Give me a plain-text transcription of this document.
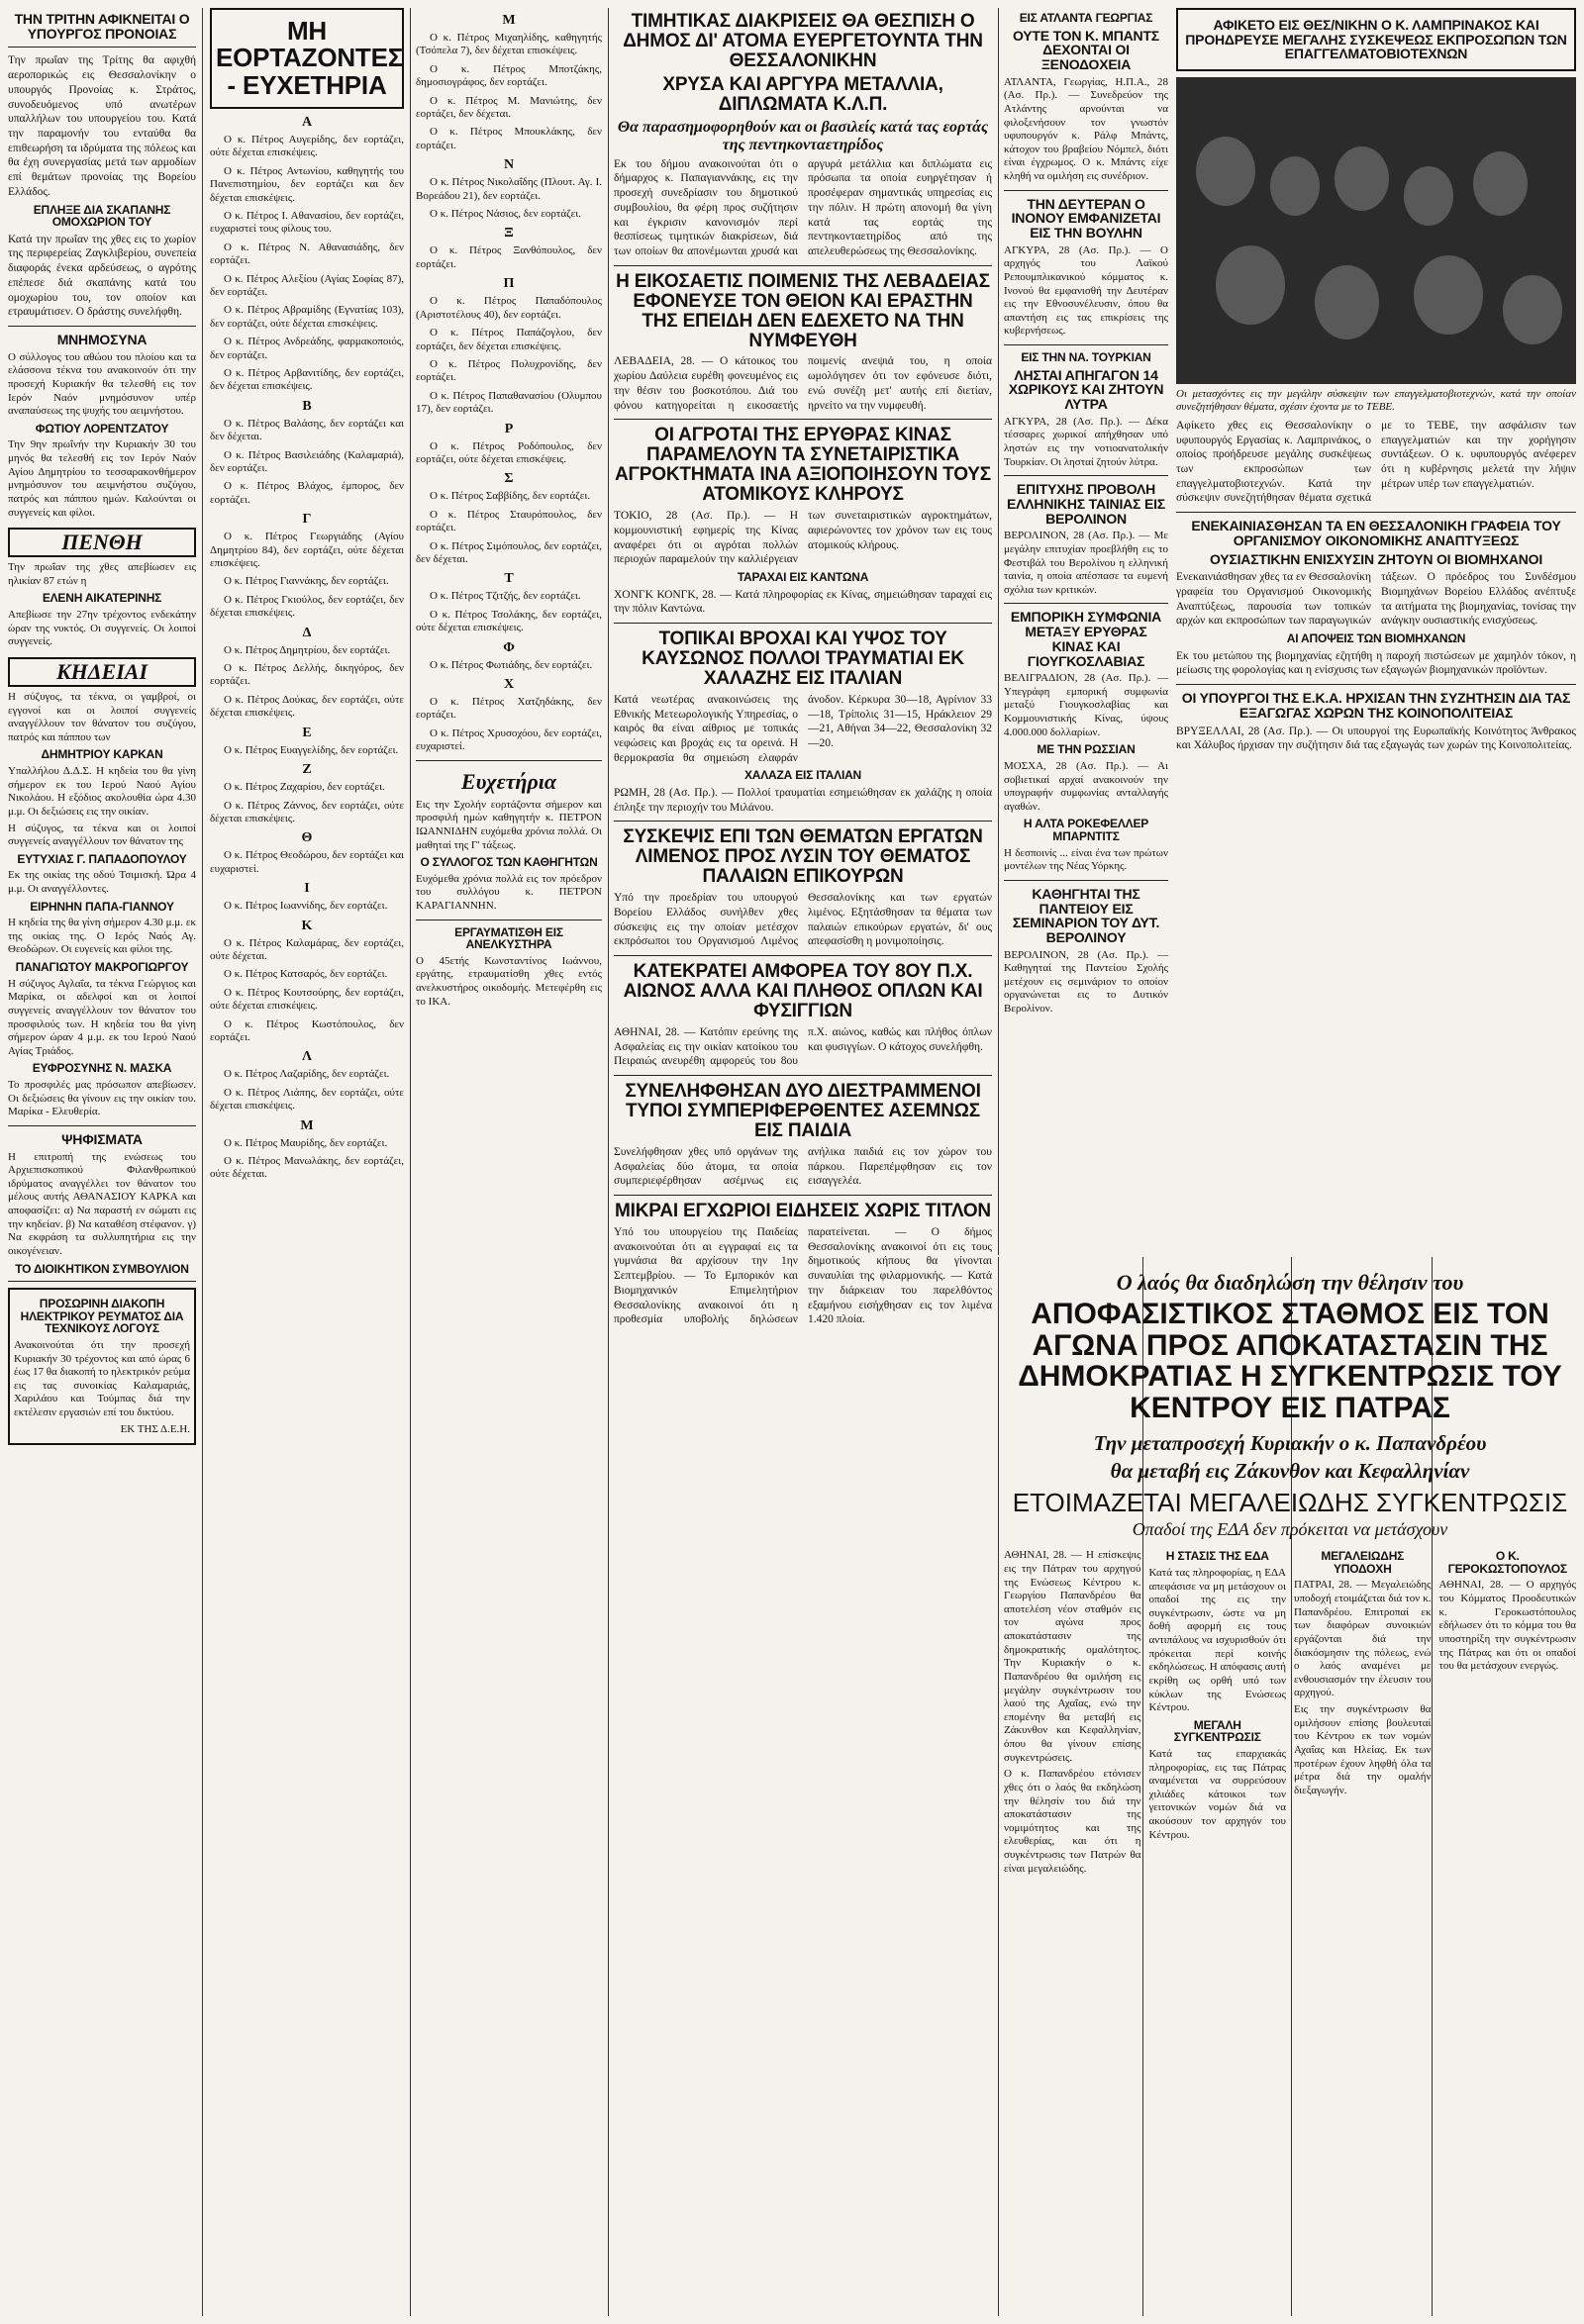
ΤΗΝ ΤΡΙΤΗΝ ΑΦΙΚΝΕΙΤΑΙ Ο ΥΠΟΥΡΓΟΣ ΠΡΟΝΟΙΑΣ
Την πρωΐαν της Τρίτης θα αφιχθή αεροπορικώς εις Θεσσαλονίκην ο υπουργός Προνοίας κ. Στράτος, συνοδευόμενος υπό ανωτέρων υπαλλήλων του υπουργείου του. Κατά την παραμονήν του ενταύθα θα επιθεωρήση τα ιδρύματα της πόλεως και θα έχη συνεργασίας μετά των αρμοδίων επί θεμάτων προνοίας της Βορείου Ελλάδος.
ΕΠΛΗΞΕ ΔΙΑ ΣΚΑΠΑΝΗΣ ΟΜΟΧΩΡΙΟΝ ΤΟΥ
Κατά την πρωΐαν της χθες εις το χωρίον της περιφερείας Ζαγκλιβερίου, συνεπεία διαφοράς ένεκα αρδεύσεως, ο αγρότης επέπεσε διά σκαπάνης κατά του ομοχωρίου του, τον οποίον και ετραυμάτισεν. Ο δράστης συνελήφθη.
ΜΝΗΜΟΣΥΝΑ
Ο σύλλογος του αθώου του πλοίου και τα ελάσσονα τέκνα του ανακοινούν ότι την προσεχή Κυριακήν θα τελεσθή εις τον Ιερόν Ναόν μνημόσυνον υπέρ αναπαύσεως της ψυχής του αειμνήστου.
ΦΩΤΙΟΥ ΛΟΡΕΝΤΖΑΤΟΥ
Την 9ην πρωΐνήν την Κυριακήν 30 του μηνός θα τελεσθή εις τον Ιερόν Ναόν Αγίου Δημητρίου το τεσσαρακονθήμερον μνημόσυνον του αειμνήστου συζύγου, πατρός και πάππου ημών. Καλούνται οι συγγενείς και φίλοι.
ΠΕΝΘΗ
Την πρωΐαν της χθες απεβίωσεν εις ηλικίαν 87 ετών η
ΕΛΕΝΗ ΑΙΚΑΤΕΡΙΝΗΣ
Απεβίωσε την 27ην τρέχοντος ενδεκάτην ώραν της νυκτός. Οι συγγενείς. Οι λοιποί συγγενείς.
ΚΗΔΕΙΑΙ
Η σύζυγος, τα τέκνα, οι γαμβροί, οι εγγονοί και οι λοιποί συγγενείς αναγγέλλουν τον θάνατον του συζύγου, πατρός και πάππου των
ΔΗΜΗΤΡΙΟΥ ΚΑΡΚΑΝ
Υπαλλήλου Δ.Δ.Σ. Η κηδεία του θα γίνη σήμερον εκ του Ιερού Ναού Αγίου Νικολάου. Η εξόδιος ακολουθία ώρα 4.30 μ.μ. Οι δεξιώσεις εις την οικίαν.
Η σύζυγος, τα τέκνα και οι λοιποί συγγενείς αναγγέλλουν τον θάνατον της
ΕΥΤΥΧΙΑΣ Γ. ΠΑΠΑΔΟΠΟΥΛΟΥ
Εκ της οικίας της οδού Τσιμισκή. Ώρα 4 μ.μ. Οι αναγγέλλοντες.
ΕΙΡΗΝΗΝ ΠΑΠΑ-ΓΙΑΝΝΟΥ
Η κηδεία της θα γίνη σήμερον 4.30 μ.μ. εκ της οικίας της. Ο Ιερός Ναός Αγ. Θεοδώρων. Οι ευγενείς και φίλοι της.
ΠΑΝΑΓΙΩΤΟΥ ΜΑΚΡΟΓΙΩΡΓΟΥ
Η σύζυγος Αγλαΐα, τα τέκνα Γεώργιος και Μαρίκα, οι αδελφοί και οι λοιποί συγγενείς αναγγέλλουν τον θάνατον του προσφιλούς των. Η κηδεία του θα γίνη σήμερον ώραν 4 μ.μ. εκ του Ιερού Ναού Αγίας Τριάδος.
ΕΥΦΡΟΣΥΝΗΣ Ν. ΜΑΣΚΑ
Το προσφιλές μας πρόσωπον απεβίωσεν. Οι δεξιώσεις θα γίνουν εις την οικίαν του. Μαρίκα - Ελευθερία.
ΨΗΦΙΣΜΑΤΑ
Η επιτροπή της ενώσεως του Αρχιεπισκοπικού Φιλανθρωπικού ιδρύματος αναγγέλλει τον θάνατον του μέλους αυτής ΑΘΑΝΑΣΙΟΥ ΚΑΡΚΑ και αποφασίζει: α) Να παραστή εν σώματι εις την κηδείαν. β) Να καταθέση στέφανον. γ) Να εκφράση τα συλλυπητήρια εις την οικογένειαν.
ΤΟ ΔΙΟΙΚΗΤΙΚΟΝ ΣΥΜΒΟΥΛΙΟΝ
ΠΡΟΣΩΡΙΝΗ ΔΙΑΚΟΠΗ ΗΛΕΚΤΡΙΚΟΥ ΡΕΥΜΑΤΟΣ ΔΙΑ ΤΕΧΝΙΚΟΥΣ ΛΟΓΟΥΣ
Ανακοινούται ότι την προσεχή Κυριακήν 30 τρέχοντος και από ώρας 6 έως 17 θα διακοπή το ηλεκτρικόν ρεύμα εις τας συνοικίας Καλαμαριάς, Χαριλάου και Τούμπας διά την εκτέλεσιν εργασιών επί του δικτύου.
ΕΚ ΤΗΣ Δ.Ε.Η.
ΜΗ ΕΟΡΤΑΖΟΝΤΕΣ - ΕΥΧΕΤΗΡΙΑ
Α
Ο κ. Πέτρος Αυγερίδης, δεν εορτάζει, ούτε δέχεται επισκέψεις.
Ο κ. Πέτρος Αντωνίου, καθηγητής του Πανεπιστημίου, δεν εορτάζει και δεν δέχεται επισκέψεις.
Ο κ. Πέτρος Ι. Αθανασίου, δεν εορτάζει, ευχαριστεί τους φίλους του.
Ο κ. Πέτρος Ν. Αθανασιάδης, δεν εορτάζει.
Ο κ. Πέτρος Αλεξίου (Αγίας Σοφίας 87), δεν εορτάζει.
Ο κ. Πέτρος Αβραμίδης (Εγνατίας 103), δεν εορτάζει, ούτε δέχεται επισκέψεις.
Ο κ. Πέτρος Ανδρεάδης, φαρμακοποιός, δεν εορτάζει.
Ο κ. Πέτρος Αρβανιτίδης, δεν εορτάζει, δεν δέχεται επισκέψεις.
Β
Ο κ. Πέτρος Βαλάσης, δεν εορτάζει και δεν δέχεται.
Ο κ. Πέτρος Βασιλειάδης (Καλαμαριά), δεν εορτάζει.
Ο κ. Πέτρος Βλάχος, έμπορος, δεν εορτάζει.
Γ
Ο κ. Πέτρος Γεωργιάδης (Αγίου Δημητρίου 84), δεν εορτάζει, ούτε δέχεται επισκέψεις.
Ο κ. Πέτρος Γιαννάκης, δεν εορτάζει.
Ο κ. Πέτρος Γκιούλος, δεν εορτάζει, δεν δέχεται επισκέψεις.
Δ
Ο κ. Πέτρος Δημητρίου, δεν εορτάζει.
Ο κ. Πέτρος Δελλής, δικηγόρος, δεν εορτάζει.
Ο κ. Πέτρος Δούκας, δεν εορτάζει, ούτε δέχεται επισκέψεις.
Ε
Ο κ. Πέτρος Ευαγγελίδης, δεν εορτάζει.
Ζ
Ο κ. Πέτρος Ζαχαρίου, δεν εορτάζει.
Ο κ. Πέτρος Ζάννος, δεν εορτάζει, ούτε δέχεται επισκέψεις.
Θ
Ο κ. Πέτρος Θεοδώρου, δεν εορτάζει και ευχαριστεί.
Ι
Ο κ. Πέτρος Ιωαννίδης, δεν εορτάζει.
Κ
Ο κ. Πέτρος Καλαμάρας, δεν εορτάζει, ούτε δέχεται.
Ο κ. Πέτρος Κατσαρός, δεν εορτάζει.
Ο κ. Πέτρος Κουτσούρης, δεν εορτάζει, ούτε δέχεται επισκέψεις.
Ο κ. Πέτρος Κωστόπουλος, δεν εορτάζει.
Λ
Ο κ. Πέτρος Λαζαρίδης, δεν εορτάζει.
Ο κ. Πέτρος Λιάπης, δεν εορτάζει, ούτε δέχεται επισκέψεις.
Μ
Ο κ. Πέτρος Μαυρίδης, δεν εορτάζει.
Ο κ. Πέτρος Μανωλάκης, δεν εορτάζει, ούτε δέχεται.
Μ
Ο κ. Πέτρος Μιχαηλίδης, καθηγητής (Τσόπελα 7), δεν δέχεται επισκέψεις.
Ο κ. Πέτρος Μποτζάκης, δημοσιογράφος, δεν εορτάζει.
Ο κ. Πέτρος Μ. Μανιώτης, δεν εορτάζει, δεν δέχεται.
Ο κ. Πέτρος Μπουκλάκης, δεν εορτάζει.
Ν
Ο κ. Πέτρος Νικολαΐδης (Πλουτ. Αγ. Ι. Βορεάδου 21), δεν εορτάζει.
Ο κ. Πέτρος Νάσιος, δεν εορτάζει.
Ξ
Ο κ. Πέτρος Ξανθόπουλος, δεν εορτάζει.
Π
Ο κ. Πέτρος Παπαδόπουλος (Αριστοτέλους 40), δεν εορτάζει.
Ο κ. Πέτρος Παπάζογλου, δεν εορτάζει, δεν δέχεται επισκέψεις.
Ο κ. Πέτρος Πολυχρονίδης, δεν εορτάζει.
Ο κ. Πέτρος Παπαθανασίου (Ολυμπου 17), δεν εορτάζει.
Ρ
Ο κ. Πέτρος Ροδόπουλος, δεν εορτάζει, ούτε δέχεται επισκέψεις.
Σ
Ο κ. Πέτρος Σαββίδης, δεν εορτάζει.
Ο κ. Πέτρος Σταυρόπουλος, δεν εορτάζει.
Ο κ. Πέτρος Σιμόπουλος, δεν εορτάζει, δεν δέχεται.
Τ
Ο κ. Πέτρος Τζιτζής, δεν εορτάζει.
Ο κ. Πέτρος Τσολάκης, δεν εορτάζει, ούτε δέχεται επισκέψεις.
Φ
Ο κ. Πέτρος Φωτιάδης, δεν εορτάζει.
Χ
Ο κ. Πέτρος Χατζηδάκης, δεν εορτάζει.
Ο κ. Πέτρος Χρυσοχόου, δεν εορτάζει, ευχαριστεί.
Ευχετήρια
Εις την Σχολήν εορτάζοντα σήμερον και προσφιλή ημών καθηγητήν κ. ΠΕΤΡΟΝ ΙΩΑΝΝΙΔΗΝ ευχόμεθα χρόνια πολλά. Οι μαθηταί της Γ' τάξεως.
Ο ΣΥΛΛΟΓΟΣ ΤΩΝ ΚΑΘΗΓΗΤΩΝ
Ευχόμεθα χρόνια πολλά εις τον πρόεδρον του συλλόγου κ. ΠΕΤΡΟΝ ΚΑΡΑΓΙΑΝΝΗΝ.
ΕΡΓΑΥΜΑΤΙΣΘΗ ΕΙΣ ΑΝΕΛΚΥΣΤΗΡΑ
Ο 45ετής Κωνσταντίνος Ιωάννου, εργάτης, ετραυματίσθη χθες εντός ανελκυστήρος οικοδομής. Μετεφέρθη εις το ΙΚΑ.
ΤΙΜΗΤΙΚΑΣ ΔΙΑΚΡΙΣΕΙΣ ΘΑ ΘΕΣΠΙΣΗ Ο ΔΗΜΟΣ ΔΙ' ΑΤΟΜΑ ΕΥΕΡΓΕΤΟΥΝΤΑ ΤΗΝ ΘΕΣΣΑΛΟΝΙΚΗΝ
ΧΡΥΣΑ ΚΑΙ ΑΡΓΥΡΑ ΜΕΤΑΛΛΙΑ, ΔΙΠΛΩΜΑΤΑ Κ.Λ.Π.
Θα παρασημοφορηθούν και οι βασιλείς κατά τας εορτάς της πεντηκονταετηρίδος
Εκ του δήμου ανακοινούται ότι ο δήμαρχος κ. Παπαγιαννάκης, εις την προσεχή συνεδρίασιν του δημοτικού συμβουλίου, θα φέρη προς συζήτησιν και έγκρισιν κανονισμόν περί θεσπίσεως τιμητικών διακρίσεων, διά των οποίων θα απονέμωνται χρυσά και αργυρά μετάλλια και διπλώματα εις πρόσωπα τα οποία ευηργέτησαν ή προσέφεραν σημαντικάς υπηρεσίας εις την πόλιν. Η πρώτη απονομή θα γίνη κατά τας εορτάς της πεντηκονταετηρίδος από της απελευθερώσεως της Θεσσαλονίκης.
Η ΕΙΚΟΣΑΕΤΙΣ ΠΟΙΜΕΝΙΣ ΤΗΣ ΛΕΒΑΔΕΙΑΣ ΕΦΟΝΕΥΣΕ ΤΟΝ ΘΕΙΟΝ ΚΑΙ ΕΡΑΣΤΗΝ ΤΗΣ ΕΠΕΙΔΗ ΔΕΝ ΕΔΕΧΕΤΟ ΝΑ ΤΗΝ ΝΥΜΦΕΥΘΗ
ΛΕΒΑΔΕΙΑ, 28. — Ο κάτοικος του χωρίου Δαύλεια ευρέθη φονευμένος εις την θέσιν του βοσκοτόπου. Διά του φόνου κατηγορείται η εικοσαετής ποιμενίς ανεψιά του, η οποία ωμολόγησεν ότι τον εφόνευσε διότι, ενώ συνέζη μετ' αυτής επί διετίαν, ηρνείτο να την νυμφευθή.
ΟΙ ΑΓΡΟΤΑΙ ΤΗΣ ΕΡΥΘΡΑΣ ΚΙΝΑΣ ΠΑΡΑΜΕΛΟΥΝ ΤΑ ΣΥΝΕΤΑΙΡΙΣΤΙΚΑ ΑΓΡΟΚΤΗΜΑΤΑ ΙΝΑ ΑΞΙΟΠΟΙΗΣΟΥΝ ΤΟΥΣ ΑΤΟΜΙΚΟΥΣ ΚΛΗΡΟΥΣ
ΤΟΚΙΟ, 28 (Ασ. Πρ.). — Η κομμουνιστική εφημερίς της Κίνας αναφέρει ότι οι αγρόται πολλών περιοχών παραμελούν την καλλιέργειαν των συνεταιριστικών αγροκτημάτων, αφιερώνοντες τον χρόνον των εις τους ατομικούς κλήρους.
ΤΑΡΑΧΑΙ ΕΙΣ ΚΑΝΤΩΝΑ
ΧΟΝΓΚ ΚΟΝΓΚ, 28. — Κατά πληροφορίας εκ Κίνας, σημειώθησαν ταραχαί εις την πόλιν Καντώνα.
ΤΟΠΙΚΑΙ ΒΡΟΧΑΙ ΚΑΙ ΥΨΟΣ ΤΟΥ ΚΑΥΣΩΝΟΣ ΠΟΛΛΟΙ ΤΡΑΥΜΑΤΙΑΙ ΕΚ ΧΑΛΑΖΗΣ ΕΙΣ ΙΤΑΛΙΑΝ
Κατά νεωτέρας ανακοινώσεις της Εθνικής Μετεωρολογικής Υπηρεσίας, ο καιρός θα είναι αίθριος με τοπικάς νεφώσεις και βροχάς εις τα ορεινά. Η θερμοκρασία θα σημειώση ελαφράν άνοδον. Κέρκυρα 30—18, Αγρίνιον 33—18, Τρίπολις 31—15, Ηράκλειον 29—21, Αθήναι 34—22, Θεσσαλονίκη 32—20.
ΧΑΛΑΖΑ ΕΙΣ ΙΤΑΛΙΑΝ
ΡΩΜΗ, 28 (Ασ. Πρ.). — Πολλοί τραυματίαι εσημειώθησαν εκ χαλάζης η οποία έπληξε την περιοχήν του Μιλάνου.
ΣΥΣΚΕΨΙΣ ΕΠΙ ΤΩΝ ΘΕΜΑΤΩΝ ΕΡΓΑΤΩΝ ΛΙΜΕΝΟΣ ΠΡΟΣ ΛΥΣΙΝ ΤΟΥ ΘΕΜΑΤΟΣ ΠΑΛΑΙΩΝ ΕΠΙΚΟΥΡΩΝ
Υπό την προεδρίαν του υπουργού Βορείου Ελλάδος συνήλθεν χθες σύσκεψις εις την οποίαν μετέσχον εκπρόσωποι του Οργανισμού Λιμένος Θεσσαλονίκης και των εργατών λιμένος. Εξητάσθησαν τα θέματα των παλαιών επικούρων εργατών, δι' ους απεφασίσθη η μονιμοποίησις.
ΚΑΤΕΚΡΑΤΕΙ ΑΜΦΟΡΕΑ ΤΟΥ 8ΟΥ Π.Χ. ΑΙΩΝΟΣ ΑΛΛΑ ΚΑΙ ΠΛΗΘΟΣ ΟΠΛΩΝ ΚΑΙ ΦΥΣΙΓΓΙΩΝ
ΑΘΗΝΑΙ, 28. — Κατόπιν ερεύνης της Ασφαλείας εις την οικίαν κατοίκου του Πειραιώς ανευρέθη αμφορεύς του 8ου π.Χ. αιώνος, καθώς και πλήθος όπλων και φυσιγγίων. Ο κάτοχος συνελήφθη.
ΣΥΝΕΛΗΦΘΗΣΑΝ ΔΥΟ ΔΙΕΣΤΡΑΜΜΕΝΟΙ ΤΥΠΟΙ ΣΥΜΠΕΡΙΦΕΡΘΕΝΤΕΣ ΑΣΕΜΝΩΣ ΕΙΣ ΠΑΙΔΙΑ
Συνελήφθησαν χθες υπό οργάνων της Ασφαλείας δύο άτομα, τα οποία συμπεριεφέρθησαν ασέμνως εις ανήλικα παιδιά εις τον χώρον του πάρκου. Παρεπέμφθησαν εις τον εισαγγελέα.
ΜΙΚΡΑΙ ΕΓΧΩΡΙΟΙ ΕΙΔΗΣΕΙΣ ΧΩΡΙΣ ΤΙΤΛΟΝ
Υπό του υπουργείου της Παιδείας ανακοινούται ότι αι εγγραφαί εις τα γυμνάσια θα αρχίσουν την 1ην Σεπτεμβρίου. — Το Εμπορικόν και Βιομηχανικόν Επιμελητήριον Θεσσαλονίκης ανακοινοί ότι η προθεσμία υποβολής δηλώσεων παρατείνεται. — Ο δήμος Θεσσαλονίκης ανακοινοί ότι εις τους δημοτικούς κήπους θα γίνονται συναυλίαι της φιλαρμονικής. — Κατά την διάρκειαν του παρελθόντος εξαμήνου εισήχθησαν εις τον λιμένα 1.420 πλοία.
ΕΙΣ ΑΤΛΑΝΤΑ ΓΕΩΡΓΙΑΣ
ΟΥΤΕ ΤΟΝ Κ. ΜΠΑΝΤΣ ΔΕΧΟΝΤΑΙ ΟΙ ΞΕΝΟΔΟΧΕΙΑ
ΑΤΛΑΝΤΑ, Γεωργίας, Η.Π.Α., 28 (Ασ. Πρ.). — Συνεδρεύον της Ατλάντης αρνούνται να φιλοξενήσουν τον γνωστόν υφυπουργόν κ. Ράλφ Μπάντς, κάτοχον του βραβείου Νόμπελ, διότι είναι έγχρωμος. Ο κ. Μπάντς είχε κληθή να ομιλήση εις συνέδριον.
ΤΗΝ ΔΕΥΤΕΡΑΝ Ο ΙΝΟΝΟΥ ΕΜΦΑΝΙΖΕΤΑΙ ΕΙΣ ΤΗΝ ΒΟΥΛΗΝ
ΑΓΚΥΡΑ, 28 (Ασ. Πρ.). — Ο αρχηγός του Λαϊκού Ρεπουμπλικανικού κόμματος κ. Ινονού θα εμφανισθή την Δευτέραν εις την Εθνοσυνέλευσιν, όπου θα απαντήση εις τας επικρίσεις της κυβερνήσεως.
ΕΙΣ ΤΗΝ ΝΑ. ΤΟΥΡΚΙΑΝ
ΛΗΣΤΑΙ ΑΠΗΓΑΓΟΝ 14 ΧΩΡΙΚΟΥΣ ΚΑΙ ΖΗΤΟΥΝ ΛΥΤΡΑ
ΑΓΚΥΡΑ, 28 (Ασ. Πρ.). — Δέκα τέσσαρες χωρικοί απήχθησαν υπό ληστών εις την νοτιοανατολικήν Τουρκίαν. Οι λησταί ζητούν λύτρα.
ΕΠΙΤΥΧΗΣ ΠΡΟΒΟΛΗ ΕΛΛΗΝΙΚΗΣ ΤΑΙΝΙΑΣ ΕΙΣ ΒΕΡΟΛΙΝΟΝ
ΒΕΡΟΛΙΝΟΝ, 28 (Ασ. Πρ.). — Με μεγάλην επιτυχίαν προεβλήθη εις το Φεστιβάλ του Βερολίνου η ελληνική ταινία, η οποία απέσπασε τα ευμενή σχόλια των κριτικών.
ΕΜΠΟΡΙΚΗ ΣΥΜΦΩΝΙΑ ΜΕΤΑΞΥ ΕΡΥΘΡΑΣ ΚΙΝΑΣ ΚΑΙ ΓΙΟΥΓΚΟΣΛΑΒΙΑΣ
ΒΕΛΙΓΡΑΔΙΟΝ, 28 (Ασ. Πρ.). — Υπεγράφη εμπορική συμφωνία μεταξύ Γιουγκοσλαβίας και Κομμουνιστικής Κίνας, ύψους 4.000.000 δολλαρίων.
ΜΕ ΤΗΝ ΡΩΣΣΙΑΝ
ΜΟΣΧΑ, 28 (Ασ. Πρ.). — Αι σοβιετικαί αρχαί ανακοινούν την υπογραφήν συμφωνίας ανταλλαγής αγαθών.
Η ΑΛΤΑ ΡΟΚΕΦΕΛΛΕΡ ΜΠΑΡΝΤΙΤΣ
Η δεσποινίς ... είναι ένα των πρώτων μοντέλων της Νέας Υόρκης.
ΚΑΘΗΓΗΤΑΙ ΤΗΣ ΠΑΝΤΕΙΟΥ ΕΙΣ ΣΕΜΙΝΑΡΙΟΝ ΤΟΥ ΔΥΤ. ΒΕΡΟΛΙΝΟΥ
ΒΕΡΟΛΙΝΟΝ, 28 (Ασ. Πρ.). — Καθηγηταί της Παντείου Σχολής μετέχουν εις σεμινάριον το οποίον οργανώνεται εις το Δυτικόν Βερολίνον.
ΑΦΙΚΕΤΟ ΕΙΣ ΘΕΣ/ΝΙΚΗΝ Ο Κ. ΛΑΜΠΡΙΝΑΚΟΣ ΚΑΙ ΠΡΟΗΔΡΕΥΣΕ ΜΕΓΑΛΗΣ ΣΥΣΚΕΨΕΩΣ ΕΚΠΡΟΣΩΠΩΝ ΤΩΝ ΕΠΑΓΓΕΛΜΑΤΟΒΙΟΤΕΧΝΩΝ
Οι μετασχόντες εις την μεγάλην σύσκεψιν των επαγγελματοβιοτεχνών, κατά την οποίαν συνεζητήθησαν θέματα, σχέσιν έχοντα με το ΤΕΒΕ.
Αφίκετο χθες εις Θεσσαλονίκην ο υφυπουργός Εργασίας κ. Λαμπρινάκος, ο οποίος προήδρευσε μεγάλης συσκέψεως των εκπροσώπων των επαγγελματοβιοτεχνών. Κατά την σύσκεψιν συνεζητήθησαν θέματα σχετικά με το ΤΕΒΕ, την ασφάλισιν των επαγγελματιών και την χορήγησιν συντάξεων. Ο κ. υφυπουργός ανέφερεν ότι η κυβέρνησις μελετά την λήψιν μέτρων υπέρ των επαγγελματιών.
ΕΝΕΚΑΙΝΙΑΣΘΗΣΑΝ ΤΑ ΕΝ ΘΕΣΣΑΛΟΝΙΚΗ ΓΡΑΦΕΙΑ ΤΟΥ ΟΡΓΑΝΙΣΜΟΥ ΟΙΚΟΝΟΜΙΚΗΣ ΑΝΑΠΤΥΞΕΩΣ
ΟΥΣΙΑΣΤΙΚΗΝ ΕΝΙΣΧΥΣΙΝ ΖΗΤΟΥΝ ΟΙ ΒΙΟΜΗΧΑΝΟΙ
Ενεκαινιάσθησαν χθες τα εν Θεσσαλονίκη γραφεία του Οργανισμού Οικονομικής Αναπτύξεως, παρουσία των τοπικών αρχών και εκπροσώπων των παραγωγικών τάξεων. Ο πρόεδρος του Συνδέσμου Βιομηχάνων Βορείου Ελλάδος ανέπτυξε τα αιτήματα της βιομηχανίας, τονίσας την ανάγκην ουσιαστικής ενισχύσεως.
ΑΙ ΑΠΟΨΕΙΣ ΤΩΝ ΒΙΟΜΗΧΑΝΩΝ
Εκ του μετώπου της βιομηχανίας εζητήθη η παροχή πιστώσεων με χαμηλόν τόκον, η μείωσις της φορολογίας και η ενίσχυσις των εξαγωγών βιομηχανικών προϊόντων.
ΟΙ ΥΠΟΥΡΓΟΙ ΤΗΣ Ε.Κ.Α. ΗΡΧΙΣΑΝ ΤΗΝ ΣΥΖΗΤΗΣΙΝ ΔΙΑ ΤΑΣ ΕΞΑΓΩΓΑΣ ΧΩΡΩΝ ΤΗΣ ΚΟΙΝΟΠΟΛΙΤΕΙΑΣ
ΒΡΥΞΕΛΛΑΙ, 28 (Ασ. Πρ.). — Οι υπουργοί της Ευρωπαϊκής Κοινότητος Άνθρακος και Χάλυβος ήρχισαν την συζήτησιν διά τας εξαγωγάς των χωρών της Κοινοπολιτείας.
Ο λαός θα διαδηλώση την θέλησιν του
ΑΠΟΦΑΣΙΣΤΙΚΟΣ ΣΤΑΘΜΟΣ ΕΙΣ ΤΟΝ ΑΓΩΝΑ ΠΡΟΣ ΑΠΟΚΑΤΑΣΤΑΣΙΝ ΤΗΣ ΔΗΜΟΚΡΑΤΙΑΣ Η ΣΥΓΚΕΝΤΡΩΣΙΣ ΤΟΥ ΚΕΝΤΡΟΥ ΕΙΣ ΠΑΤΡΑΣ
Την μεταπροσεχή Κυριακήν ο κ. Παπανδρέου
θα μεταβή εις Ζάκυνθον και Κεφαλληνίαν
ΕΤΟΙΜΑΖΕΤΑΙ ΜΕΓΑΛΕΙΩΔΗΣ ΣΥΓΚΕΝΤΡΩΣΙΣ
Οπαδοί της ΕΔΑ δεν πρόκειται να μετάσχουν
ΑΘΗΝΑΙ, 28. — Η επίσκεψις εις την Πάτραν του αρχηγού της Ενώσεως Κέντρου κ. Γεωργίου Παπανδρέου θα αποτελέση νέον σταθμόν εις τον αγώνα προς αποκατάστασιν της δημοκρατικής ομαλότητος. Την Κυριακήν ο κ. Παπανδρέου θα ομιλήση εις μεγάλην συγκέντρωσιν του λαού της Αχαΐας, ενώ την επομένην θα μεταβή εις Ζάκυνθον και Κεφαλληνίαν, όπου θα γίνουν επίσης συγκεντρώσεις.
Ο κ. Παπανδρέου ετόνισεν χθες ότι ο λαός θα εκδηλώση την θέλησίν του διά την αποκατάστασιν της νομιμότητος και της ελευθερίας, και ότι η συγκέντρωσις των Πατρών θα είναι μεγαλειώδης.
Η ΣΤΑΣΙΣ ΤΗΣ ΕΔΑ
Κατά τας πληροφορίας, η ΕΔΑ απεφάσισε να μη μετάσχουν οι οπαδοί της εις την συγκέντρωσιν, ώστε να μη δοθή αφορμή εις τους αντιπάλους να ισχυρισθούν ότι πρόκειται περί κοινής εκδηλώσεως. Η απόφασις αυτή εκρίθη ως ορθή υπό των κύκλων της Ενώσεως Κέντρου.
ΜΕΓΑΛΗ ΣΥΓΚΕΝΤΡΩΣΙΣ
Κατά τας επαρχιακάς πληροφορίας, εις τας Πάτρας αναμένεται να συρρεύσουν χιλιάδες κάτοικοι των γειτονικών νομών διά να ακούσουν τον αρχηγόν του Κέντρου.
ΜΕΓΑΛΕΙΩΔΗΣ ΥΠΟΔΟΧΗ
ΠΑΤΡΑΙ, 28. — Μεγαλειώδης υποδοχή ετοιμάζεται διά τον κ. Παπανδρέου. Επιτροπαί εκ των διαφόρων συνοικιών εργάζονται διά την διακόσμησιν της πόλεως, ενώ ο λαός αναμένει με ενθουσιασμόν την έλευσιν του αρχηγού.
Εις την συγκέντρωσιν θα ομιλήσουν επίσης βουλευταί του Κέντρου εκ των νομών Αχαΐας και Ηλείας. Εκ των προτέρων έχουν ληφθή όλα τα μέτρα διά την ομαλήν διεξαγωγήν.
Ο Κ. ΓΕΡΟΚΩΣΤΟΠΟΥΛΟΣ
ΑΘΗΝΑΙ, 28. — Ο αρχηγός του Κόμματος Προοδευτικών κ. Γεροκωστόπουλος εδήλωσεν ότι το κόμμα του θα υποστηρίξη την συγκέντρωσιν της Πάτρας και ότι οι οπαδοί του θα μετάσχουν ενεργώς.
